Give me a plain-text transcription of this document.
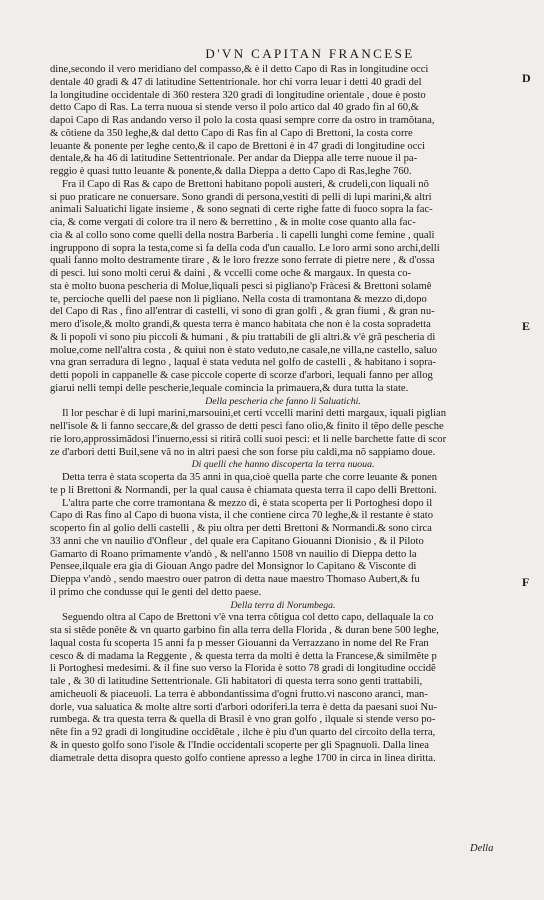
D'VN CAPITAN FRANCESE
dine,secondo il vero meridiano del compasso,& è il detto Capo di Ras in longitudine occi
dentale 40 gradi & 47 di latitudine Settentrionale. hor chi vorra leuar i detti 40 gradi del
la longitudine occidentale di 360 restera 320 gradi di longitudine orientale , doue è posto
detto Capo di Ras. La terra nuoua si stende verso il polo artico dal 40 grado fin al 60,&
dapoi Capo di Ras andando verso il polo la costa quasi sempre corre da ostro in tramõtana,
& cõtiene da 350 leghe,& dal detto Capo di Ras fin al Capo di Brettoni, la costa corre
leuante & ponente per leghe cento,& il capo de Brettoni è in 47 gradi di longitudine occi
dentale,& ha 46 di latitudine Settentrionale. Per andar da Dieppa alle terre nuoue il pa-
reggio è quasi tutto leuante & ponente,& dalla Dieppa a detto Capo di Ras,leghe 760.
Fra il Capo di Ras & capo de Brettoni habitano popoli austeri, & crudeli,con liquali nõ
si puo praticare ne conuersare. Sono grandi di persona,vestiti di pelli di lupi marini,& altri
animali Saluatichi ligate insieme , & sono segnati di certe righe fatte di fuoco sopra la fac-
cia, & come vergati di colore tra il nero & berrettino , & in molte cose quanto alla fac-
cia & al collo sono come quelli della nostra Barberia . li capelli lunghi come femine , quali
ingruppono di sopra la testa,come si fa della coda d'un cauallo. Le loro armi sono archi,delli
quali fanno molto destramente tirare , & le loro frezze sono ferrate di pietre nere , & d'ossa
di pesci. lui sono molti cerui & daini , & vccelli come oche & margaux. In questa co-
sta è molto buona pescheria di Molue,liquali pesci si pigliano'p Fràcesi & Brettoni solamê
te, percioche quelli del paese non li pigliano. Nella costa di tramontana & mezzo di,dopo
del Capo di Ras , fino all'entrar di castelli, vi sono di gran golfi , & gran fiumi , & gran nu-
mero d'isole,& molto grandi,& questa terra è manco habitata che non è la costa sopradetta
& li popoli vi sono piu piccoli & humani , & piu trattabili de gli altri.& v'è grã pescheria di
molue,come nell'altra costa , & quiui non è stato veduto,ne casale,ne villa,ne castello, saluo
vna gran serradura di legno , laqual è stata veduta nel golfo de castelli , & habitano i sopra-
detti popoli in cappanelle & case piccole coperte di scorze d'arbori, lequali fanno per allog
giarui nelli tempi delle pescherie,lequale comincia la primauera,& dura tutta la state.
Della pescheria che fanno li Saluatichi.
Il lor peschar è di lupi marini,marsouini,et certi vccelli marini detti margaux, iquali piglian
nell'isole & li fanno seccare,& del grasso de detti pesci fano olio,& finito il tẽpo delle pesche
rie loro,approssimãdosi l'inuerno,essi si ritirã colli suoi pesci: et li nelle barchette fatte di scor
ze d'arbori detti Buil,sene vã no in altri paesi che son forse piu caldi,ma nõ sappiamo doue.
Di quelli che hanno discoperta la terra nuoua.
Detta terra è stata scoperta da 35 anni in qua,cioè quella parte che corre leuante & ponen
te p li Brettoni & Normandi, per la qual causa è chiamata questa terra il capo delli Brettoni.
L'altra parte che corre tramontana & mezzo di, è stata scoperta per li Portoghesi dopo il
Capo di Ras fino al Capo di buona vista, il che contiene circa 70 leghe,& il restante è stato
scoperto fin al golio delli castelli , & piu oltra per detti Brettoni & Normandi.& sono circa
33 anni che vn nauilio d'Onfleur , del quale era Capitano Giouanni Dionisio , & il Piloto
Gamarto di Roano primamente v'andò , & nell'anno 1508 vn nauilio di Dieppa detto la
Pensee,ilquale era gia di Giouan Ango padre del Monsignor lo Capitano & Visconte di
Dieppa v'andò , sendo maestro ouer patron di detta naue maestro Thomaso Aubert,& fu
il primo che condusse qui le genti del detto paese.
Della terra di Norumbega.
Seguendo oltra al Capo de Brettoni v'è vna terra cõtigua col detto capo, dellaquale la co
sta si stẽde ponẽte & vn quarto garbino fin alla terra della Florida , & duran bene 500 leghe,
laqual costa fu scoperta 15 anni fa p messer Giouanni da Verrazzano in nome del Re Fran
cesco & di madama la Reggente , & questa terra da molti è detta la Francese,& similmẽte p
li Portoghesi medesimi. & il fine suo verso la Florida è sotto 78 gradi di longitudine occidẽ
tale , & 30 di latitudine Settentrionale. Gli habitatori di questa terra sono genti trattabili,
amicheuoli & piaceuoli. La terra è abbondantissima d'ogni frutto.vi nascono aranci, man-
dorle, vua saluatica & molte altre sorti d'arbori odoriferi.la terra è detta da paesani suoi Nu-
rumbega. & tra questa terra & quella di Brasil è vno gran golfo , ilquale si stende verso po-
nẽte fin a 92 gradi di longitudine occidẽtale , ilche è piu d'un quarto del circoito della terra,
& in questo golfo sono l'isole & l'Indie occidentali scoperte per gli Spagnuoli. Dalla linea
diametrale detta disopra questo golfo contiene apresso a leghe 1700 in circa in linea diritta.
D
E
F
Della
